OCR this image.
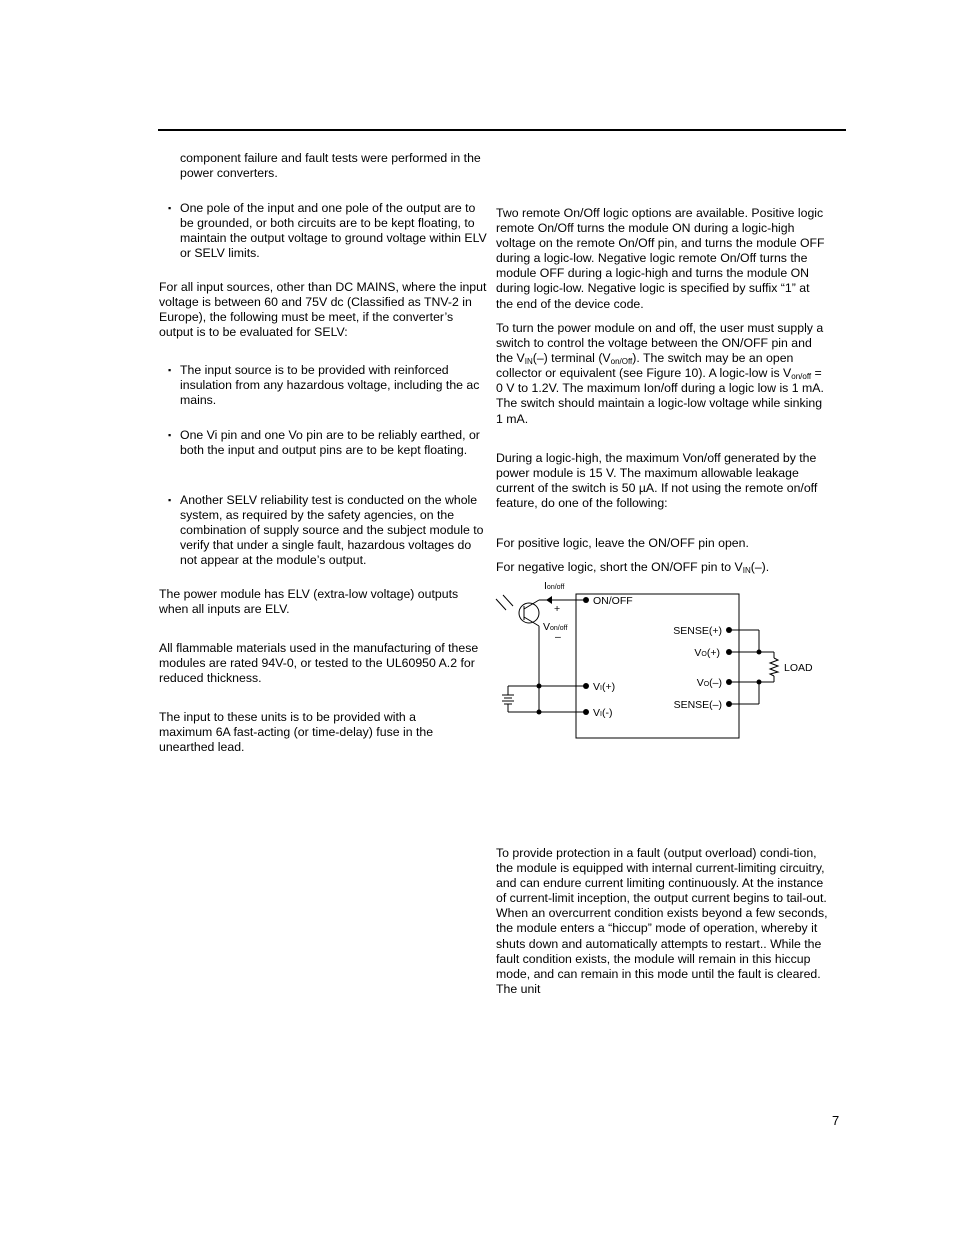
component failure and fault tests were performed in the power converters.

▪ One pole of the input and one pole of the output are to be grounded, or both circuits are to be kept floating, to maintain the output voltage to ground voltage within ELV or SELV limits.

For all input sources, other than DC MAINS, where the input voltage is between 60 and 75V dc (Classified as TNV-2 in Europe), the following must be meet, if the converter’s output is to be evaluated for SELV:

▪ The input source is to be provided with reinforced insulation from any hazardous voltage, including the ac mains.

▪ One Vi pin and one Vo pin are to be reliably earthed, or both the input and output pins are to be kept floating.

▪ Another SELV reliability test is conducted on the whole system, as required by the safety agencies, on the combination of supply source and the subject module to verify that under a single fault, hazardous voltages do not appear at the module’s output.

The power module has ELV (extra-low voltage) outputs when all inputs are ELV.

All flammable materials used in the manufacturing of these modules are rated 94V-0, or tested to the UL60950 A.2 for reduced thickness.

The input to these units is to be provided with a maximum 6A fast-acting (or time-delay) fuse in the unearthed lead.

Two remote On/Off logic options are available. Positive logic remote On/Off turns the module ON during a logic-high voltage on the remote On/Off pin, and turns the module OFF during a logic-low. Negative logic remote On/Off turns the module OFF during a logic-high and turns the module ON during logic-low. Negative logic is specified by suffix “1” at the end of the device code.

To turn the power module on and off, the user must supply a switch to control the voltage between the ON/OFF pin and the $V_{IN}(-)$ terminal $(V_{on/Off})$. The switch may be an open collector or equivalent (see Figure 10). A logic-low is $V_{on/off} = 0$ V to 1.2V. The maximum Ion/off during a logic low is 1 mA. The switch should maintain a logic-low voltage while sinking 1 mA.

During a logic-high, the maximum Von/off generated by the power module is 15 V. The maximum allowable leakage current of the switch is 50 µA. If not using the remote on/off feature, do one of the following:

For positive logic, leave the ON/OFF pin open.

For negative logic, short the ON/OFF pin to $V_{IN}(-)$.

Ion/off
+
Von/off
–
ON/OFF
VI(+)
VI(-)
SENSE(+)
VO(+)
VO(–)
SENSE(–)
LOAD

To provide protection in a fault (output overload) condi-tion, the module is equipped with internal current-limiting circuitry, and can endure current limiting continuously. At the instance of current-limit inception, the output current begins to tail-out. When an overcurrent condition exists beyond a few seconds, the module enters a “hiccup” mode of operation, whereby it shuts down and automatically attempts to restart.. While the fault condition exists, the module will remain in this hiccup mode, and can remain in this mode until the fault is cleared. The unit

7
